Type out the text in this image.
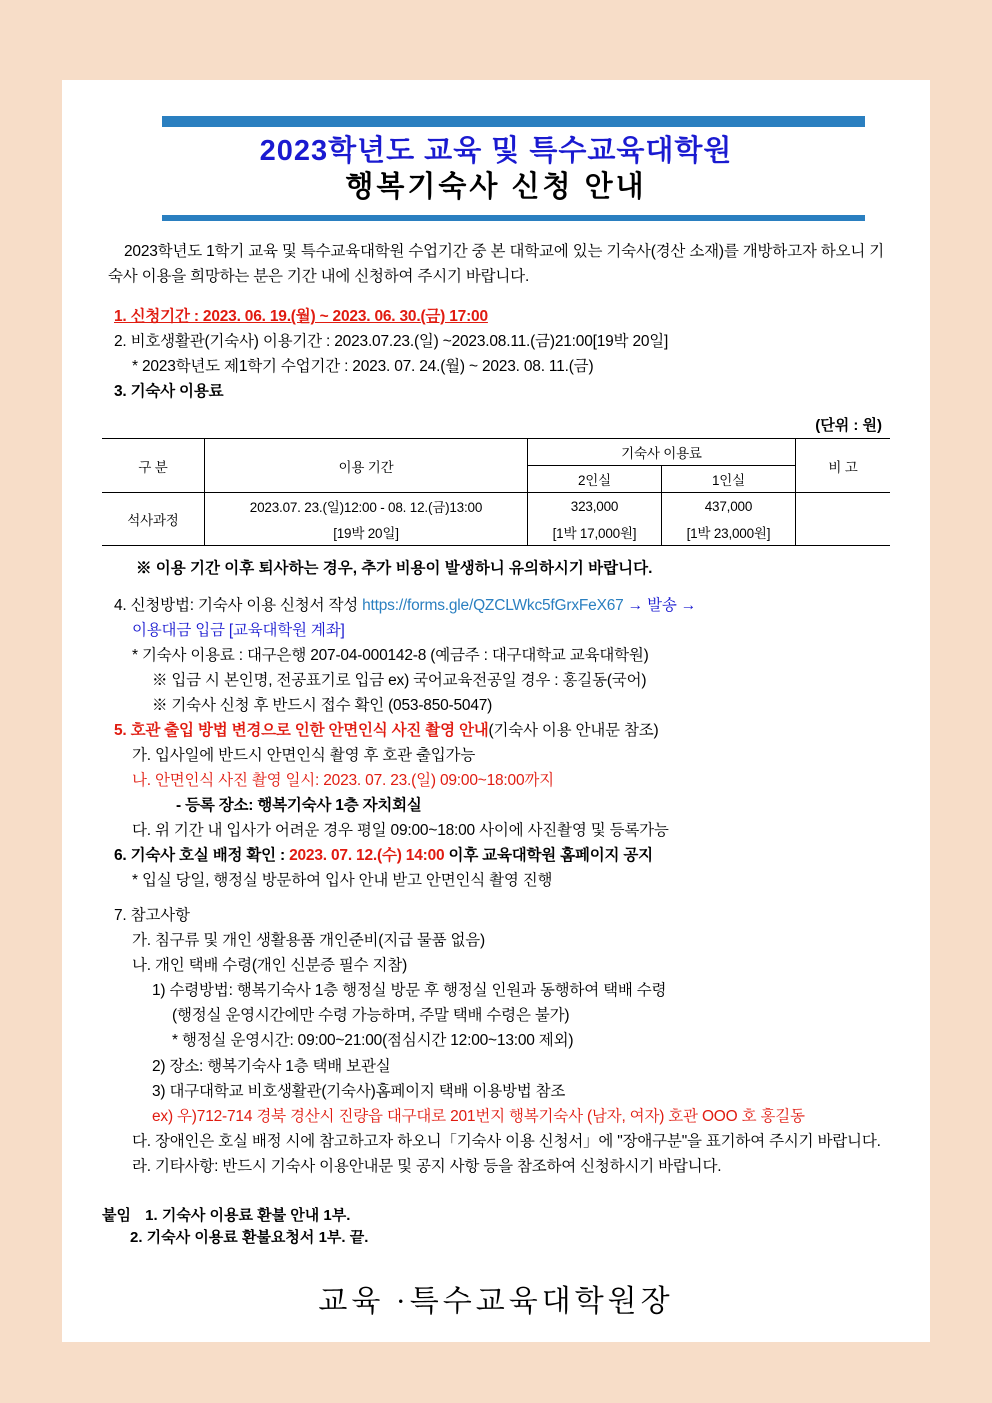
2023학년도 교육 및 특수교육대학원
행복기숙사 신청 안내

2023학년도 1학기 교육 및 특수교육대학원 수업기간 중 본 대학교에 있는 기숙사(경산 소재)를 개방하고자 하오니 기숙사 이용을 희망하는 분은 기간 내에 신청하여 주시기 바랍니다.

1. 신청기간 : 2023. 06. 19.(월) ~ 2023. 06. 30.(금) 17:00
2. 비호생활관(기숙사) 이용기간 : 2023.07.23.(일) ~2023.08.11.(금)21:00[19박 20일]
* 2023학년도 제1학기 수업기간 : 2023. 07. 24.(월) ~ 2023. 08. 11.(금)
3. 기숙사 이용료
(단위 : 원)
구 분	이용 기간	기숙사 이용료		비 고
		2인실	1인실	
석사과정	2023.07. 23.(일)12:00 - 08. 12.(금)13:00	323,000	437,000	
	[19박 20일]	[1박 17,000원]	[1박 23,000원]	
※ 이용 기간 이후 퇴사하는 경우, 추가 비용이 발생하니 유의하시기 바랍니다.
4. 신청방법: 기숙사 이용 신청서 작성 https://forms.gle/QZCLWkc5fGrxFeX67 → 발송 →
이용대금 입금 [교육대학원 계좌]
* 기숙사 이용료 : 대구은행 207-04-000142-8 (예금주 : 대구대학교 교육대학원)
※ 입금 시 본인명, 전공표기로 입금 ex) 국어교육전공일 경우 : 홍길동(국어)
※ 기숙사 신청 후 반드시 접수 확인 (053-850-5047)
5. 호관 출입 방법 변경으로 인한 안면인식 사진 촬영 안내(기숙사 이용 안내문 참조)
가. 입사일에 반드시 안면인식 촬영 후 호관 출입가능
나. 안면인식 사진 촬영 일시: 2023. 07. 23.(일) 09:00~18:00까지
- 등록 장소: 행복기숙사 1층 자치회실
다. 위 기간 내 입사가 어려운 경우 평일 09:00~18:00 사이에 사진촬영 및 등록가능
6. 기숙사 호실 배정 확인 : 2023. 07. 12.(수) 14:00 이후 교육대학원 홈페이지 공지
* 입실 당일, 행정실 방문하여 입사 안내 받고 안면인식 촬영 진행
7. 참고사항
가. 침구류 및 개인 생활용품 개인준비(지급 물품 없음)
나. 개인 택배 수령(개인 신분증 필수 지참)
1) 수령방법: 행복기숙사 1층 행정실 방문 후 행정실 인원과 동행하여 택배 수령
(행정실 운영시간에만 수령 가능하며, 주말 택배 수령은 불가)
* 행정실 운영시간: 09:00~21:00(점심시간 12:00~13:00 제외)
2) 장소: 행복기숙사 1층 택배 보관실
3) 대구대학교 비호생활관(기숙사)홈페이지 택배 이용방법 참조
ex) 우)712-714 경북 경산시 진량읍 대구대로 201번지 행복기숙사 (남자, 여자) 호관 OOO 호 홍길동
다. 장애인은 호실 배정 시에 참고하고자 하오니「기숙사 이용 신청서」에 "장애구분"을 표기하여 주시기 바랍니다.
라. 기타사항: 반드시 기숙사 이용안내문 및 공지 사항 등을 참조하여 신청하시기 바랍니다.
붙임 1. 기숙사 이용료 환불 안내 1부.
2. 기숙사 이용료 환불요청서 1부. 끝.
교육 ·특수교육대학원장
